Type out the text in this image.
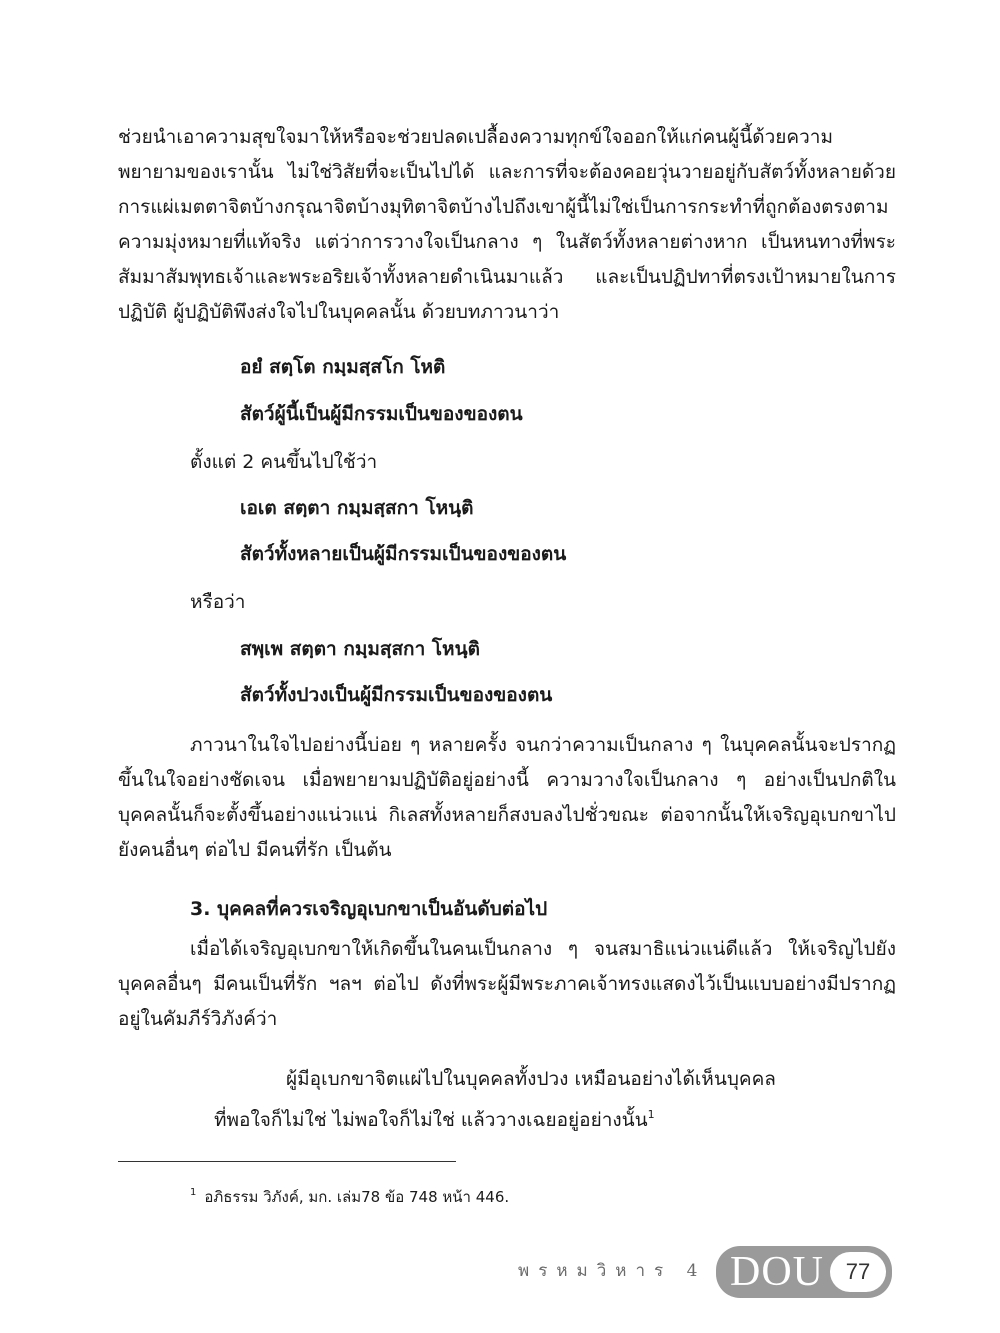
ช่วยนำเอาความสุขใจมาให้หรือจะช่วยปลดเปลื้องความทุกข์ใจออกให้แก่คนผู้นี้ด้วยความพยายามของเรานั้น ไม่ใช่วิสัยที่จะเป็นไปได้ และการที่จะต้องคอยวุ่นวายอยู่กับสัตว์ทั้งหลายด้วยการแผ่เมตตาจิตบ้างกรุณาจิตบ้างมุทิตาจิตบ้างไปถึงเขาผู้นี้ไม่ใช่เป็นการกระทำที่ถูกต้องตรงตามความมุ่งหมายที่แท้จริง แต่ว่าการวางใจเป็นกลาง ๆ ในสัตว์ทั้งหลายต่างหาก เป็นหนทางที่พระสัมมาสัมพุทธเจ้าและพระอริยเจ้าทั้งหลายดำเนินมาแล้ว และเป็นปฏิปทาที่ตรงเป้าหมายในการปฏิบัติ ผู้ปฏิบัติพึงส่งใจไปในบุคคลนั้น ด้วยบทภาวนาว่า

อยํ สตฺโต กมฺมสฺสโก โหติ

สัตว์ผู้นี้เป็นผู้มีกรรมเป็นของของตน

ตั้งแต่ 2 คนขึ้นไปใช้ว่า

เอเต สตฺตา กมฺมสฺสกา โหนฺติ

สัตว์ทั้งหลายเป็นผู้มีกรรมเป็นของของตน

หรือว่า

สพฺเพ สตฺตา กมฺมสฺสกา โหนฺติ

สัตว์ทั้งปวงเป็นผู้มีกรรมเป็นของของตน

ภาวนาในใจไปอย่างนี้บ่อย ๆ หลายครั้ง จนกว่าความเป็นกลาง ๆ ในบุคคลนั้นจะปรากฏขึ้นในใจอย่างชัดเจน เมื่อพยายามปฏิบัติอยู่อย่างนี้ ความวางใจเป็นกลาง ๆ อย่างเป็นปกติในบุคคลนั้นก็จะตั้งขึ้นอย่างแน่วแน่ กิเลสทั้งหลายก็สงบลงไปชั่วขณะ ต่อจากนั้นให้เจริญอุเบกขาไปยังคนอื่นๆ ต่อไป มีคนที่รัก เป็นต้น

3. บุคคลที่ควรเจริญอุเบกขาเป็นอันดับต่อไป

เมื่อได้เจริญอุเบกขาให้เกิดขึ้นในคนเป็นกลาง ๆ จนสมาธิแน่วแน่ดีแล้ว ให้เจริญไปยังบุคคลอื่นๆ มีคนเป็นที่รัก ฯลฯ ต่อไป ดังที่พระผู้มีพระภาคเจ้าทรงแสดงไว้เป็นแบบอย่างมีปรากฏอยู่ในคัมภีร์วิภังค์ว่า

ผู้มีอุเบกขาจิตแผ่ไปในบุคคลทั้งปวง เหมือนอย่างได้เห็นบุคคล

ที่พอใจก็ไม่ใช่ ไม่พอใจก็ไม่ใช่ แล้ววางเฉยอยู่อย่างนั้น$^1$

$^1$ อภิธรรม วิภังค์, มก. เล่ม78 ข้อ 748 หน้า 446.

พรหมวิหาร 4 DOU 77
